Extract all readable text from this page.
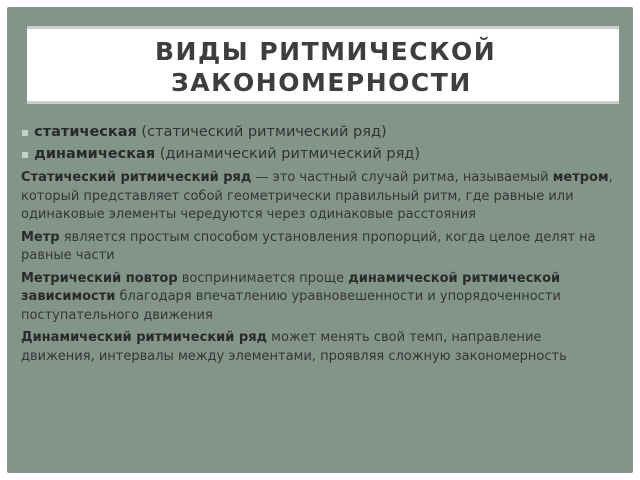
ВИДЫ РИТМИЧЕСКОЙ
ЗАКОНОМЕРНОСТИ

▪ статическая (статический ритмический ряд)

▪ динамическая (динамический ритмический ряд)

Статический ритмический ряд — это частный случай ритма, называемый метром, который представляет собой геометрически правильный ритм, где равные или одинаковые элементы чередуются через одинаковые расстояния

Метр является простым способом установления пропорций, когда целое делят на равные части

Метрический повтор воспринимается проще динамической ритмической зависимости благодаря впечатлению уравновешенности и упорядоченности поступательного движения

Динамический ритмический ряд может менять свой темп, направление движения, интервалы между элементами, проявляя сложную закономерность
